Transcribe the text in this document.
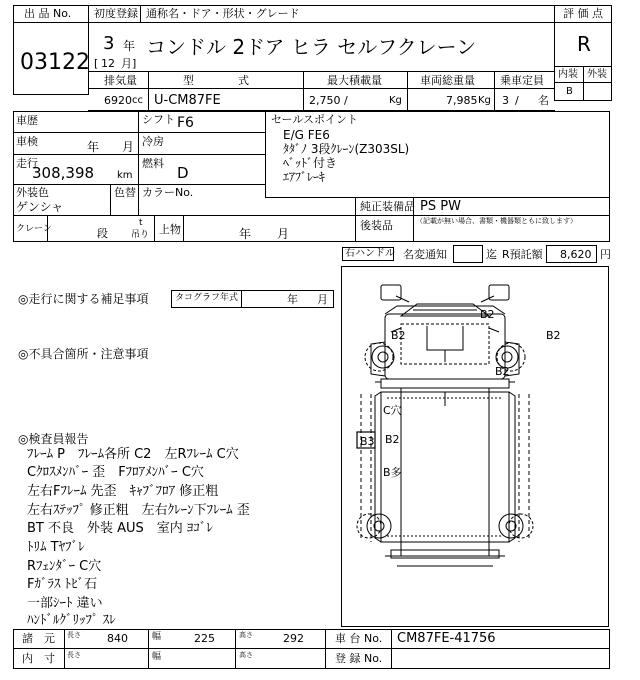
出 品 No.
03122
初度登録 通称名・ドア・形状・グレード	評 価 点
3 年
[ 12 月]
コンドル 2ドア ヒラ セルフクレーン	R
内装 外装
B
排気量	型　　　　式	最大積載量	車両総重量 乗車定員
6920 cc U-CM87FE	2,750 /	Kg	7,985 Kg 3 / 名
車歴	シフト F6
車検	年 月 冷房
走行
308,398 km
燃料
D
外装色
ゲンシャ
色替 カラーNo.
クレーン	段
t
吊り 上物	年 月
セールスポイント
E/G FE6
ﾀﾀﾞﾉ 3段ｸﾚｰﾝ(Z303SL)
ﾍﾞｯﾄﾞ付き
ｴｱﾌﾞﾚｰｷ
純正装備品 PS PW
後装品	（記載が無い場合、書類・機器類ともに致します）
右ハンドル 名変通知	迄 R預託額 8,620 円
◎走行に関する補足事項	タコグラフ年式	年 月
◎不具合箇所・注意事項
◎検査員報告
ﾌﾚｰﾑ P　ﾌﾚｰﾑ各所 C2　左Rﾌﾚｰﾑ C穴
Cｸﾛｽﾒﾝﾊﾞｰ 歪　Fﾌﾛｱﾒﾝﾊﾞｰ C穴
左右Fﾌﾚｰﾑ 先歪　ｷｬﾌﾞﾌﾛｱ 修正粗
左右ｽﾃｯﾌﾟ 修正粗　左右ｸﾚｰﾝ下ﾌﾚｰﾑ 歪
BT 不良　外装 AUS　室内 ﾖｺﾞﾚ
ﾄﾘﾑ Tﾔﾌﾞﾚ
Rﾌｪﾝﾀﾞｰ C穴
Fｶﾞﾗｽ ﾄﾋﾞ石
一部ｼｰﾄ 違い
ﾊﾝﾄﾞﾙｸﾞﾘｯﾌﾟ ｽﾚ
B2
B2	B2
B2
C穴
B2
B多
B3
諸　元 長さ 840	幅	225	高さ	292	車 台 No. CM87FE-41756
内　寸 長さ	幅	高さ	登 録 No.
